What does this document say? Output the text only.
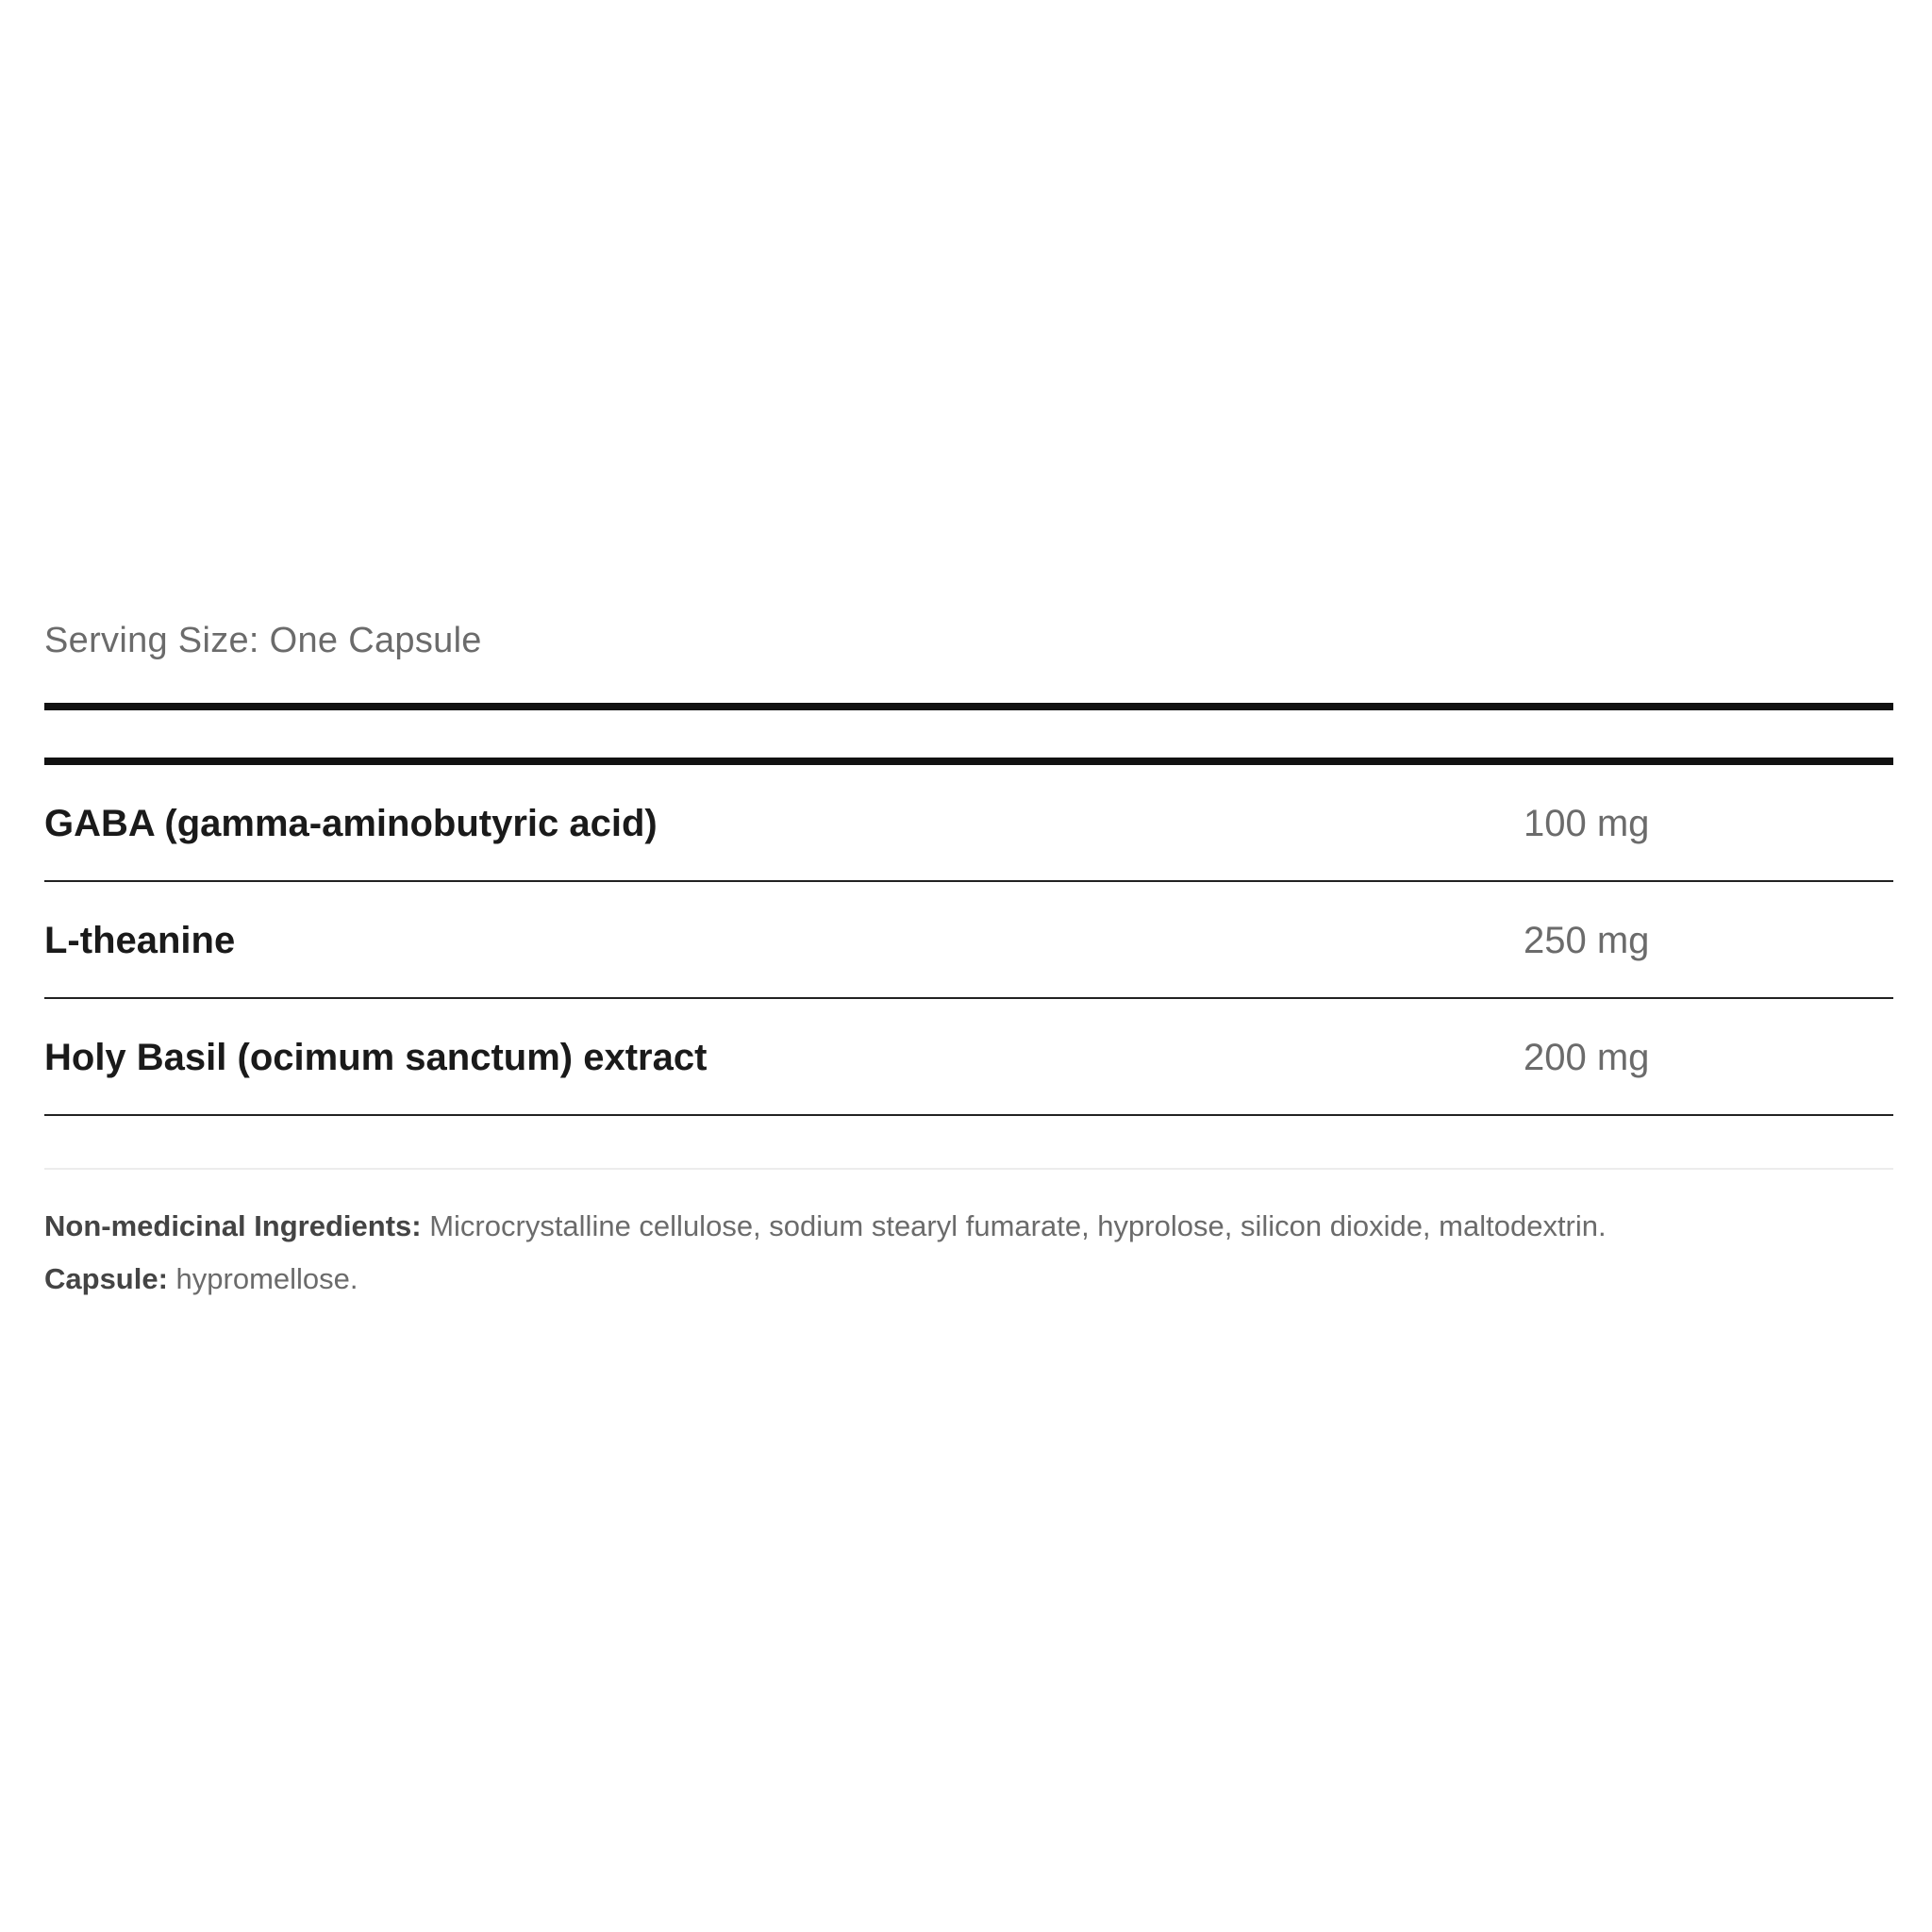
Serving Size: One Capsule
GABA (gamma-aminobutyric acid)	100 mg
L-theanine	250 mg
Holy Basil (ocimum sanctum) extract	200 mg
Non-medicinal Ingredients: Microcrystalline cellulose, sodium stearyl fumarate, hyprolose, silicon dioxide, maltodextrin.
Capsule: hypromellose.
